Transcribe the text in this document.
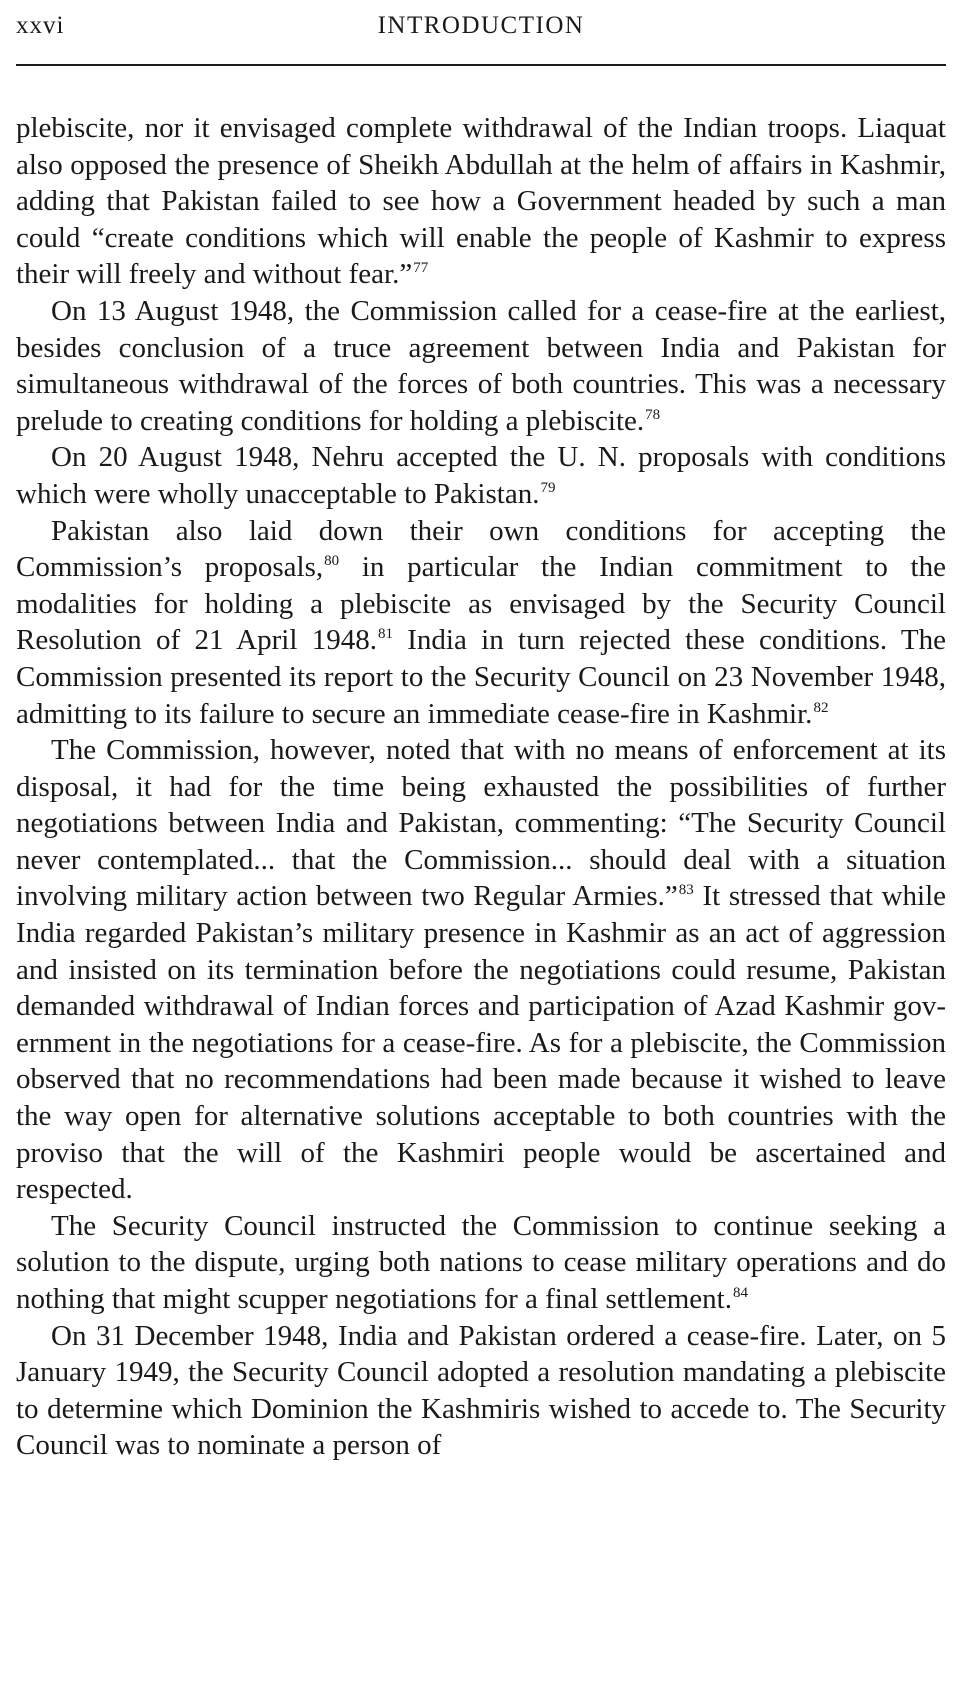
xxvi	INTRODUCTION

plebiscite, nor it envisaged complete withdrawal of the Indian troops. Liaquat also opposed the presence of Sheikh Abdullah at the helm of affairs in Kashmir, adding that Pakistan failed to see how a Government headed by such a man could “create conditions which will enable the people of Kashmir to express their will freely and without fear.”$^{77}$

On 13 August 1948, the Commission called for a cease-fire at the earliest, besides conclusion of a truce agreement between India and Pakistan for simultaneous withdrawal of the forces of both countries. This was a necessary prelude to creating conditions for holding a plebiscite.$^{78}$

On 20 August 1948, Nehru accepted the U. N. proposals with conditions which were wholly unacceptable to Pakistan.$^{79}$

Pakistan also laid down their own conditions for accepting the Commission’s proposals,$^{80}$ in particular the Indian commitment to the modalities for holding a plebiscite as envisaged by the Security Council Resolution of 21 April 1948.81 India in turn rejected these conditions. The Commission presented its report to the Security Council on 23 November 1948, admitting to its failure to secure an immediate cease-fire in Kashmir.$^{82}$

The Commission, however, noted that with no means of enforcement at its disposal, it had for the time being exhausted the possibilities of further negotiations between India and Pakistan, commenting: “The Security Council never contemplated... that the Commission... should deal with a situation involving military action between two Regular Armies.”$^{83}$ It stressed that while India regarded Pakistan’s military presence in Kashmir as an act of aggression and insisted on its termination before the negotiations could resume, Pakistan demanded withdrawal of Indian forces and participation of Azad Kashmir government in the negotiations for a cease-fire. As for a plebiscite, the Commission observed that no recommendations had been made because it wished to leave the way open for alternative solutions acceptable to both countries with the proviso that the will of the Kashmiri people would be ascertained and respected.

The Security Council instructed the Commission to continue seeking a solution to the dispute, urging both nations to cease military operations and do nothing that might scupper negotiations for a final settlement.$^{84}$

On 31 December 1948, India and Pakistan ordered a cease-fire. Later, on 5 January 1949, the Security Council adopted a resolution mandating a plebiscite to determine which Dominion the Kashmiris wished to accede to. The Security Council was to nominate a person of
